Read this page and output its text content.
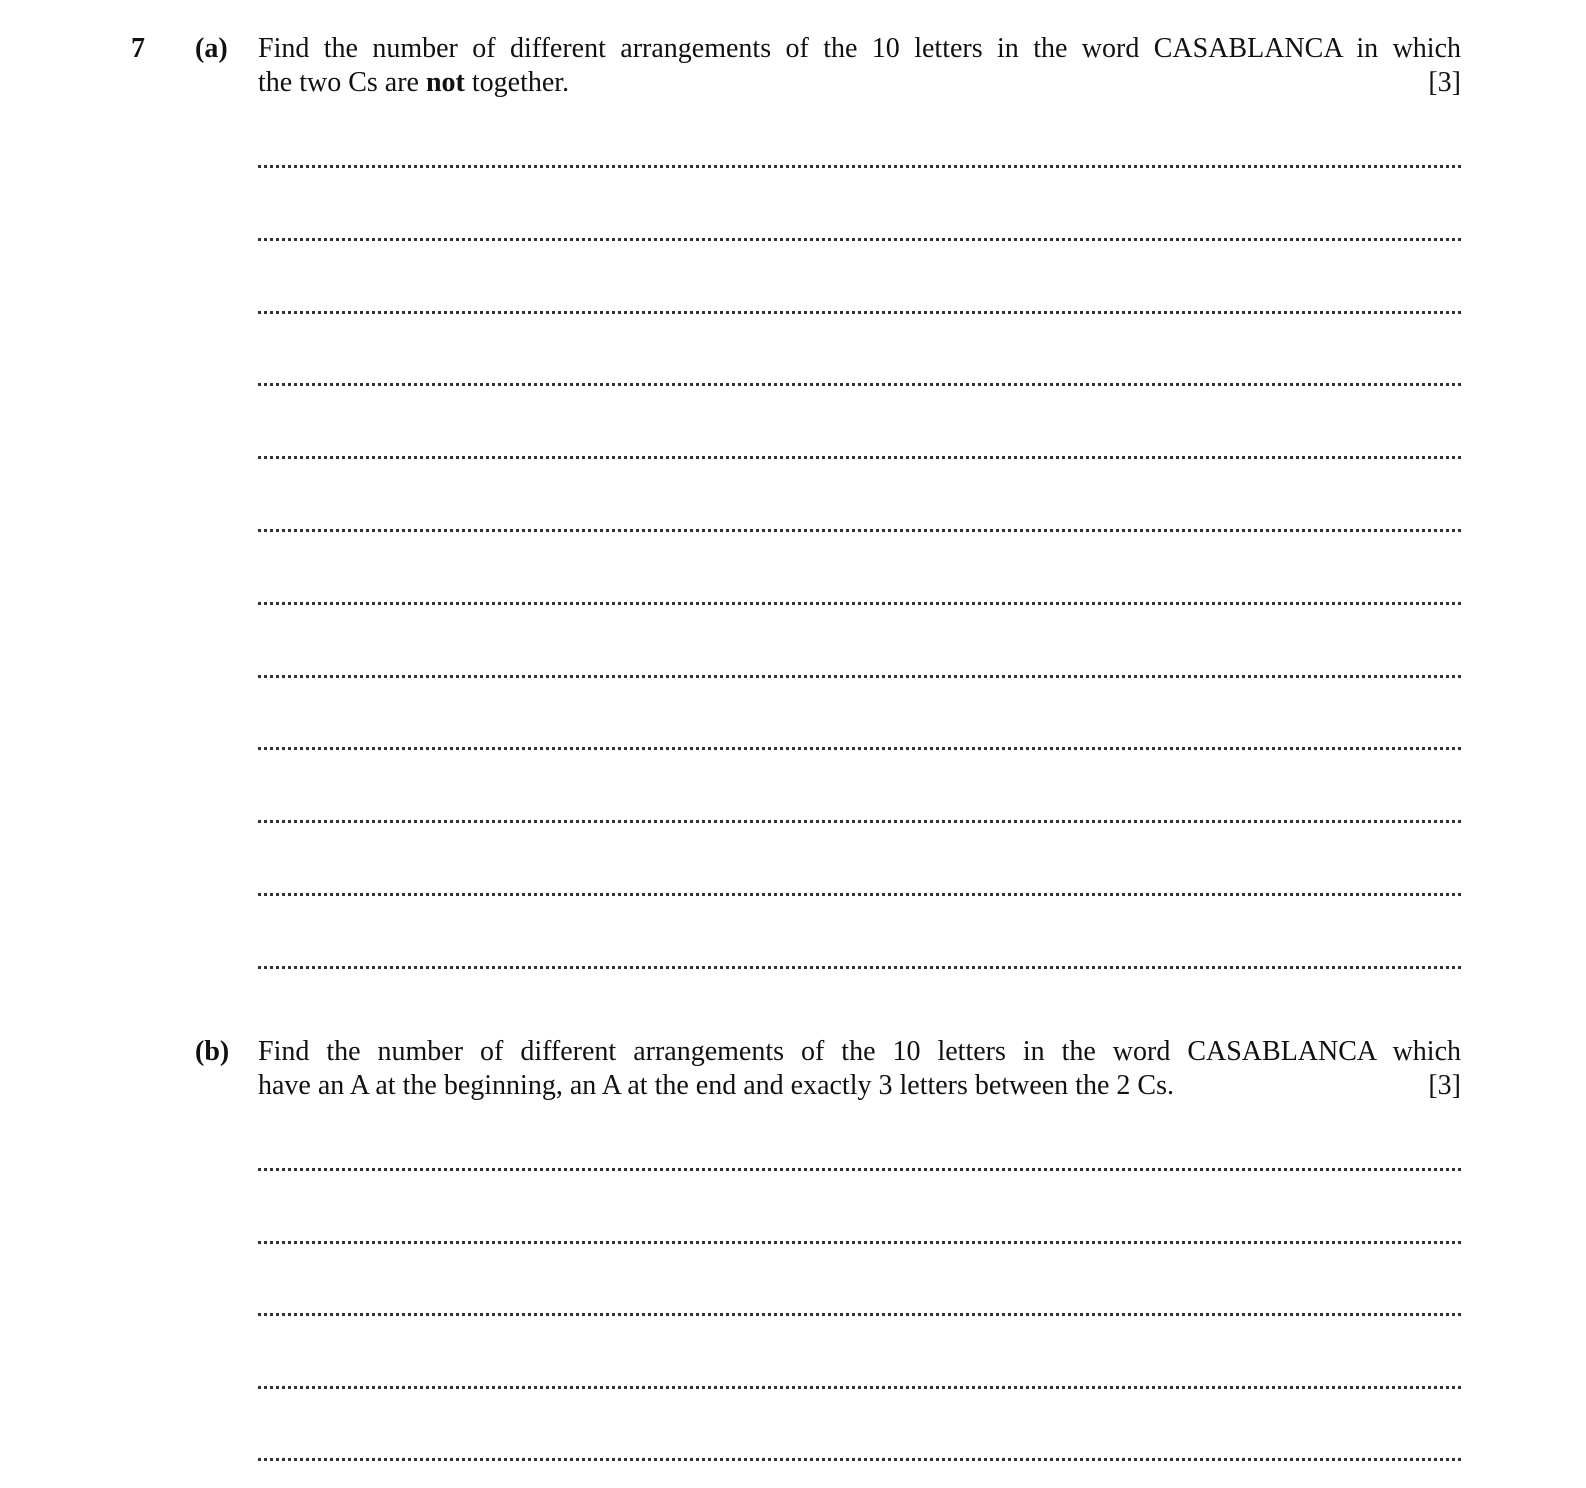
7 (a) Find the number of different arrangements of the 10 letters in the word CASABLANCA in which
the two Cs are not together.	[3]
(b) Find the number of different arrangements of the 10 letters in the word CASABLANCA which
have an A at the beginning, an A at the end and exactly 3 letters between the 2 Cs.	[3]
